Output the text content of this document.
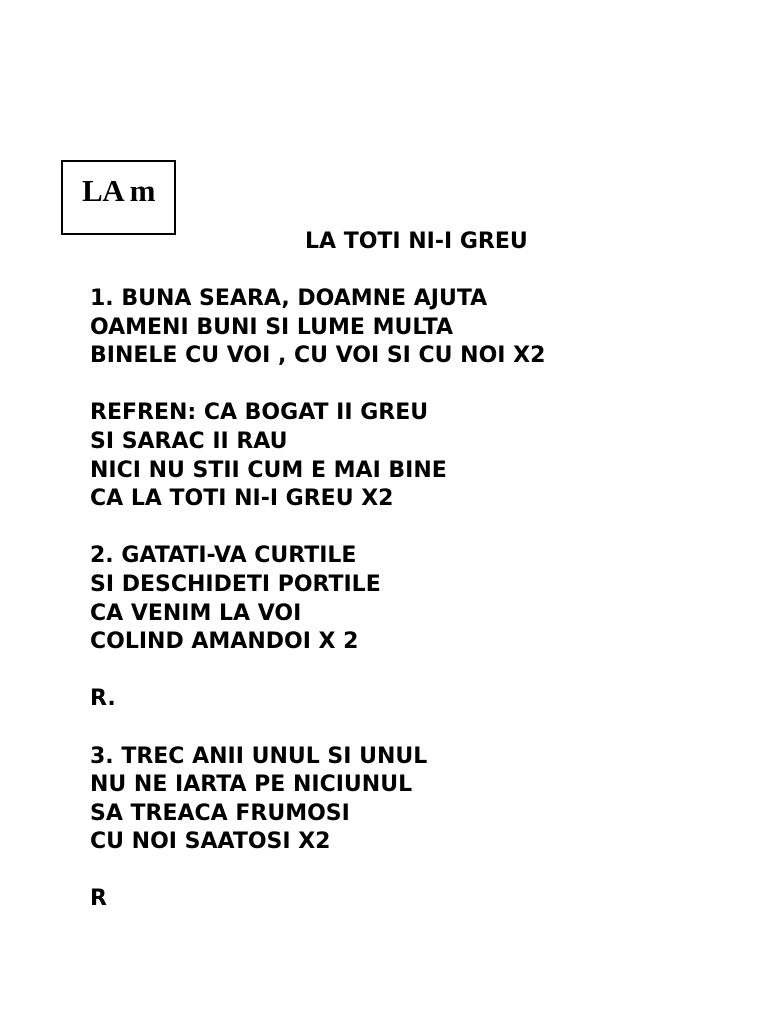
LA m
LA TOTI NI-I GREU
1. BUNA SEARA, DOAMNE AJUTA
OAMENI BUNI SI LUME MULTA
BINELE CU VOI , CU VOI SI CU NOI X2
REFREN: CA BOGAT II GREU
SI SARAC II RAU
NICI NU STII CUM E MAI BINE
CA LA TOTI NI-I GREU X2
2. GATATI-VA CURTILE
SI DESCHIDETI PORTILE
CA VENIM LA VOI
COLIND AMANDOI X 2
R.
3. TREC ANII UNUL SI UNUL
NU NE IARTA PE NICIUNUL
SA TREACA FRUMOSI
CU NOI SAATOSI X2
R
